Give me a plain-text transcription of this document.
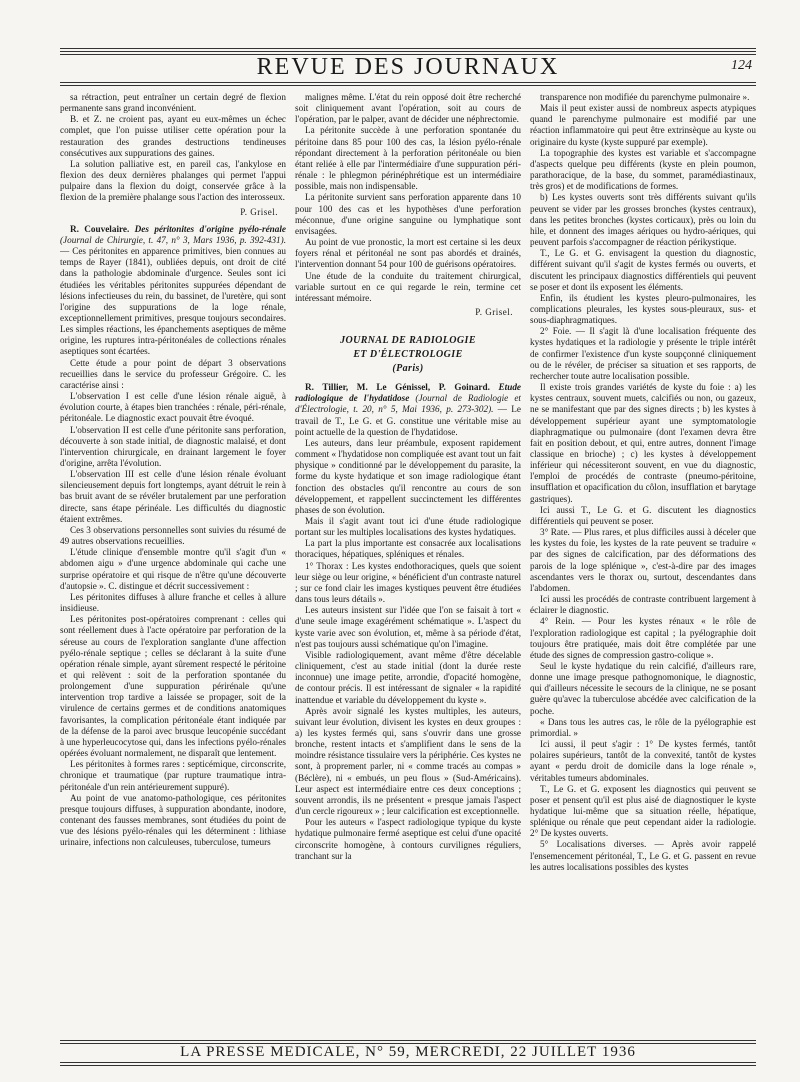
REVUE DES JOURNAUX	124

sa rétraction, peut entraîner un certain degré de flexion permanente sans grand inconvénient.

B. et Z. ne croient pas, ayant eu eux-mêmes un échec complet, que l'on puisse utiliser cette opération pour la restauration des grandes destructions tendineuses consécutives aux suppurations des gaines.

La solution palliative est, en pareil cas, l'ankylose en flexion des deux dernières phalanges qui permet l'appui pulpaire dans la flexion du doigt, conservée grâce à la flexion de la première phalange sous l'action des interosseux.

P. Grisel.

R. Couvelaire. Des péritonites d'origine pyélo-rénale (Journal de Chirurgie, t. 47, n° 3, Mars 1936, p. 392-431). — Ces péritonites en apparence primitives, bien connues au temps de Rayer (1841), oubliées depuis, ont droit de cité dans la pathologie abdominale d'urgence. Seules sont ici étudiées les véritables péritonites suppurées dépendant de lésions infectieuses du rein, du bassinet, de l'uretère, qui sont l'origine des suppurations de la loge rénale, exceptionnellement primitives, presque toujours secondaires. Les simples réactions, les épanchements aseptiques de même origine, les ruptures intra-péritonéales de collections rénales aseptiques sont écartées.

Cette étude a pour point de départ 3 observations recueillies dans le service du professeur Grégoire. C. les caractérise ainsi :

L'observation I est celle d'une lésion rénale aiguë, à évolution courte, à étapes bien tranchées : rénale, péri-rénale, péritonéale. Le diagnostic exact pouvait être évoqué.

L'observation II est celle d'une péritonite sans perforation, découverte à son stade initial, de diagnostic malaisé, et dont l'intervention chirurgicale, en drainant largement le foyer d'origine, arrêta l'évolution.

L'observation III est celle d'une lésion rénale évoluant silencieusement depuis fort longtemps, ayant détruit le rein à bas bruit avant de se révéler brutalement par une perforation directe, sans étape périnéale. Les difficultés du diagnostic étaient extrêmes.

Ces 3 observations personnelles sont suivies du résumé de 49 autres observations recueillies.

L'étude clinique d'ensemble montre qu'il s'agit d'un « abdomen aigu » d'une urgence abdominale qui cache une surprise opératoire et qui risque de n'être qu'une découverte d'autopsie ». C. distingue et décrit successivement :

Les péritonites diffuses à allure franche et celles à allure insidieuse.

Les péritonites post-opératoires comprenant : celles qui sont réellement dues à l'acte opératoire par perforation de la séreuse au cours de l'exploration sanglante d'une affection pyélo-rénale septique ; celles se déclarant à la suite d'une opération rénale simple, ayant sûrement respecté le péritoine et qui relèvent : soit de la perforation spontanée du prolongement d'une suppuration périrénale qu'une intervention trop tardive a laissée se propager, soit de la virulence de certains germes et de conditions anatomiques favorisantes, la complication péritonéale étant indiquée par de la défense de la paroi avec brusque leucopénie succédant à une hyperleucocytose qui, dans les infections pyélo-rénales opérées évoluant normalement, ne disparaît que lentement.

Les péritonites à formes rares : septicémique, circonscrite, chronique et traumatique (par rupture traumatique intra-péritonéale d'un rein antérieurement suppuré).

Au point de vue anatomo-pathologique, ces péritonites presque toujours diffuses, à suppuration abondante, inodore, contenant des fausses membranes, sont étudiées du point de vue des lésions pyélo-rénales qui les déterminent : lithiase urinaire, infections non calculeuses, tuberculose, tumeurs

malignes même. L'état du rein opposé doit être recherché soit cliniquement avant l'opération, soit au cours de l'opération, par le palper, avant de décider une néphrectomie.

La péritonite succède à une perforation spontanée du péritoine dans 85 pour 100 des cas, la lésion pyélo-rénale répondant directement à la perforation péritonéale ou bien étant reliée à elle par l'intermédiaire d'une suppuration péri-rénale : le phlegmon périnéphrétique est un intermédiaire possible, mais non indispensable.

La péritonite survient sans perforation apparente dans 10 pour 100 des cas et les hypothèses d'une perforation méconnue, d'une origine sanguine ou lymphatique sont envisagées.

Au point de vue pronostic, la mort est certaine si les deux foyers rénal et péritonéal ne sont pas abordés et drainés, l'intervention donnant 54 pour 100 de guérisons opératoires.

Une étude de la conduite du traitement chirurgical, variable surtout en ce qui regarde le rein, termine cet intéressant mémoire.

P. Grisel.
JOURNAL DE RADIOLOGIE
ET D'ÉLECTROLOGIE
(Paris)

R. Tillier, M. Le Génissel, P. Goinard. Etude radiologique de l'hydatidose (Journal de Radiologie et d'Électrologie, t. 20, n° 5, Mai 1936, p. 273-302). — Le travail de T., Le G. et G. constitue une véritable mise au point actuelle de la question de l'hydatidose.

Les auteurs, dans leur préambule, exposent rapidement comment « l'hydatidose non compliquée est avant tout un fait physique » conditionné par le développement du parasite, la forme du kyste hydatique et son image radiologique étant fonction des obstacles qu'il rencontre au cours de son développement, et rappellent succinctement les différentes phases de son évolution.

Mais il s'agit avant tout ici d'une étude radiologique portant sur les multiples localisations des kystes hydatiques.

La part la plus importante est consacrée aux localisations thoraciques, hépatiques, spléniques et rénales.

1° Thorax : Les kystes endothoraciques, quels que soient leur siège ou leur origine, « bénéficient d'un contraste naturel ; sur ce fond clair les images kystiques peuvent être étudiées dans tous leurs détails ».

Les auteurs insistent sur l'idée que l'on se faisait à tort « d'une seule image exagérément schématique ». L'aspect du kyste varie avec son évolution, et, même à sa période d'état, n'est pas toujours aussi schématique qu'on l'imagine.

Visible radiologiquement, avant même d'être décelable cliniquement, c'est au stade initial (dont la durée reste inconnue) une image petite, arrondie, d'opacité homogène, de contour précis. Il est intéressant de signaler « la rapidité inattendue et variable du développement du kyste ».

Après avoir signalé les kystes multiples, les auteurs, suivant leur évolution, divisent les kystes en deux groupes : a) les kystes fermés qui, sans s'ouvrir dans une grosse bronche, restent intacts et s'amplifient dans le sens de la moindre résistance tissulaire vers la périphérie. Ces kystes ne sont, à proprement parler, ni « comme tracés au compas » (Béclère), ni « embués, un peu flous » (Sud-Américains). Leur aspect est intermédiaire entre ces deux conceptions ; souvent arrondis, ils ne présentent « presque jamais l'aspect d'un cercle rigoureux » ; leur calcification est exceptionnelle.

Pour les auteurs « l'aspect radiologique typique du kyste hydatique pulmonaire fermé aseptique est celui d'une opacité circonscrite homogène, à contours curvilignes réguliers, tranchant sur la

transparence non modifiée du parenchyme pulmonaire ».

Mais il peut exister aussi de nombreux aspects atypiques quand le parenchyme pulmonaire est modifié par une réaction inflammatoire qui peut être extrinsèque au kyste ou originaire du kyste (kyste suppuré par exemple).

La topographie des kystes est variable et s'accompagne d'aspects quelque peu différents (kyste en plein poumon, parathoracique, de la base, du sommet, paramédiastinaux, très gros) et de modifications de formes.

b) Les kystes ouverts sont très différents suivant qu'ils peuvent se vider par les grosses bronches (kystes centraux), dans les petites bronches (kystes corticaux), près ou loin du hile, et donnent des images aériques ou hydro-aériques, qui peuvent parfois s'accompagner de réaction périkystique.

T., Le G. et G. envisagent la question du diagnostic, différent suivant qu'il s'agit de kystes fermés ou ouverts, et discutent les principaux diagnostics différentiels qui peuvent se poser et dont ils exposent les éléments.

Enfin, ils étudient les kystes pleuro-pulmonaires, les complications pleurales, les kystes sous-pleuraux, sus- et sous-diaphragmatiques.

2° Foie. — Il s'agit là d'une localisation fréquente des kystes hydatiques et la radiologie y présente le triple intérêt de confirmer l'existence d'un kyste soupçonné cliniquement ou de le révéler, de préciser sa situation et ses rapports, de rechercher toute autre localisation possible.

Il existe trois grandes variétés de kyste du foie : a) les kystes centraux, souvent muets, calcifiés ou non, ou gazeux, ne se manifestant que par des signes directs ; b) les kystes à développement supérieur ayant une symptomatologie diaphragmatique ou pulmonaire (dont l'examen devra être fait en position debout, et qui, entre autres, donnent l'image classique en brioche) ; c) les kystes à développement inférieur qui nécessiteront souvent, en vue du diagnostic, l'emploi de procédés de contraste (pneumo-péritoine, insufflation et opacification du côlon, insufflation et barytage gastriques).

Ici aussi T., Le G. et G. discutent les diagnostics différentiels qui peuvent se poser.

3° Rate. — Plus rares, et plus difficiles aussi à déceler que les kystes du foie, les kystes de la rate peuvent se traduire « par des signes de calcification, par des déformations des parois de la loge splénique », c'est-à-dire par des images ascendantes vers le thorax ou, surtout, descendantes dans l'abdomen.

Ici aussi les procédés de contraste contribuent largement à éclairer le diagnostic.

4° Rein. — Pour les kystes rénaux « le rôle de l'exploration radiologique est capital ; la pyélographie doit toujours être pratiquée, mais doit être complétée par une étude des signes de compression gastro-colique ».

Seul le kyste hydatique du rein calcifié, d'ailleurs rare, donne une image presque pathognomonique, le diagnostic, qui d'ailleurs nécessite le secours de la clinique, ne se posant guère qu'avec la tuberculose abcédée avec calcification de la poche.

« Dans tous les autres cas, le rôle de la pyélographie est primordial. »

Ici aussi, il peut s'agir : 1° De kystes fermés, tantôt polaires supérieurs, tantôt de la convexité, tantôt de kystes ayant « perdu droit de domicile dans la loge rénale », véritables tumeurs abdominales.

T., Le G. et G. exposent les diagnostics qui peuvent se poser et pensent qu'il est plus aisé de diagnostiquer le kyste hydatique lui-même que sa situation réelle, hépatique, splénique ou rénale que peut cependant aider la radiologie. 2° De kystes ouverts.

5° Localisations diverses. — Après avoir rappelé l'ensemencement péritonéal, T., Le G. et G. passent en revue les autres localisations possibles des kystes

LA PRESSE MEDICALE, N° 59, MERCREDI, 22 JUILLET 1936
